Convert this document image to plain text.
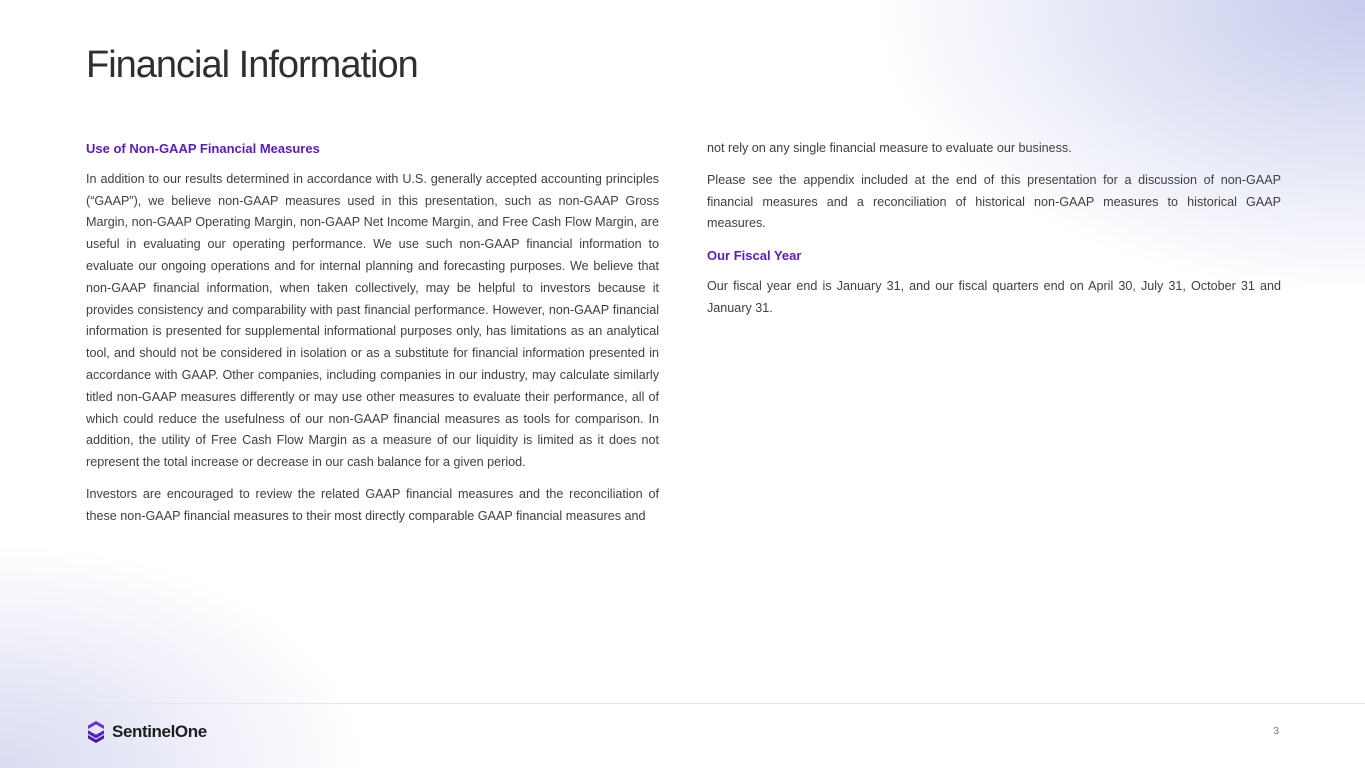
Financial Information

Use of Non-GAAP Financial Measures

In addition to our results determined in accordance with U.S. generally accepted accounting principles (“GAAP”), we believe non-GAAP measures used in this presentation, such as non-GAAP Gross Margin, non-GAAP Operating Margin, non-GAAP Net Income Margin, and Free Cash Flow Margin, are useful in evaluating our operating performance. We use such non-GAAP financial information to evaluate our ongoing operations and for internal planning and forecasting purposes. We believe that non-GAAP financial information, when taken collectively, may be helpful to investors because it provides consistency and comparability with past financial performance. However, non-GAAP financial information is presented for supplemental informational purposes only, has limitations as an analytical tool, and should not be considered in isolation or as a substitute for financial information presented in accordance with GAAP. Other companies, including companies in our industry, may calculate similarly titled non-GAAP measures differently or may use other measures to evaluate their performance, all of which could reduce the usefulness of our non-GAAP financial measures as tools for comparison. In addition, the utility of Free Cash Flow Margin as a measure of our liquidity is limited as it does not represent the total increase or decrease in our cash balance for a given period.

Investors are encouraged to review the related GAAP financial measures and the reconciliation of these non-GAAP financial measures to their most directly comparable GAAP financial measures and

not rely on any single financial measure to evaluate our business.

Please see the appendix included at the end of this presentation for a discussion of non-GAAP financial measures and a reconciliation of historical non-GAAP measures to historical GAAP measures.

Our Fiscal Year

Our fiscal year end is January 31, and our fiscal quarters end on April 30, July 31, October 31 and January 31.

SentinelOne	3
